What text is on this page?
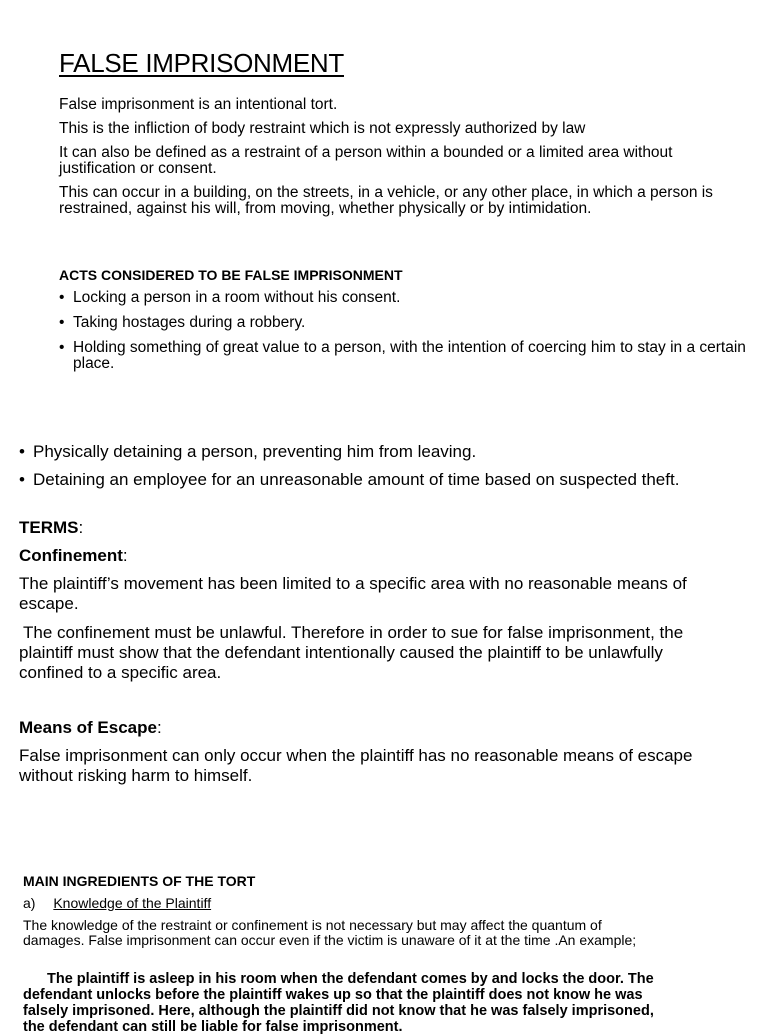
FALSE IMPRISONMENT

False imprisonment is an intentional tort.

This is the infliction of body restraint which is not expressly authorized by law

It can also be defined as a restraint of a person within a bounded or a limited area without justification or consent.

This can occur in a building, on the streets, in a vehicle, or any other place, in which a person is restrained, against his will, from moving, whether physically or by intimidation.

ACTS CONSIDERED TO BE FALSE IMPRISONMENT
• Locking a person in a room without his consent.
• Taking hostages during a robbery.
• Holding something of great value to a person, with the intention of coercing him to stay in a certain place.
• Physically detaining a person, preventing him from leaving.
• Detaining an employee for an unreasonable amount of time based on suspected theft.
TERMS:
Confinement:
The plaintiff’s movement has been limited to a specific area with no reasonable means of escape.
The confinement must be unlawful. Therefore in order to sue for false imprisonment, the plaintiff must show that the defendant intentionally caused the plaintiff to be unlawfully confined to a specific area.
Means of Escape:
False imprisonment can only occur when the plaintiff has no reasonable means of escape without risking harm to himself.
MAIN INGREDIENTS OF THE TORT
a) Knowledge of the Plaintiff
The knowledge of the restraint or confinement is not necessary but may affect the quantum of damages. False imprisonment can occur even if the victim is unaware of it at the time .An example;
The plaintiff is asleep in his room when the defendant comes by and locks the door. The defendant unlocks before the plaintiff wakes up so that the plaintiff does not know he was falsely imprisoned. Here, although the plaintiff did not know that he was falsely imprisoned, the defendant can still be liable for false imprisonment.
